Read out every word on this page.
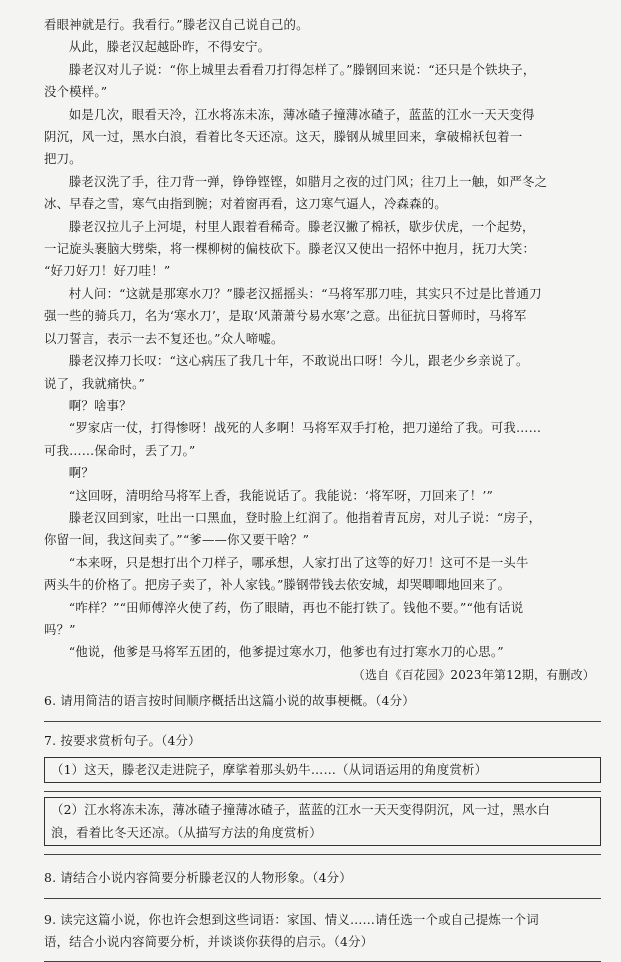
看眼神就是行。我看行。”滕老汉自己说自己的。

从此，滕老汉起越卧昨，不得安宁。

滕老汉对儿子说：“你上城里去看看刀打得怎样了。”滕钢回来说：“还只是个铁块子，

没个模样。”

如是几次，眼看天冷，江水将冻未冻，薄冰碴子撞薄冰碴子，蓝蓝的江水一天天变得

阴沉，风一过，黑水白浪，看着比冬天还凉。这天，滕钢从城里回来，拿破棉袄包着一

把刀。

滕老汉洗了手，往刀背一弹，铮铮铿铿，如腊月之夜的过门风；往刀上一触，如严冬之

冰、早春之雪，寒气由指到腕；对着窗再看，这刀寒气逼人，冷森森的。

滕老汉拉儿子上河堤，村里人跟着看稀奇。滕老汉撇了棉袄，歇步伏虎，一个起势，

一记旋头裹脑大劈柴，将一棵柳树的偏枝砍下。滕老汉又使出一招怀中抱月，抚刀大笑：

“好刀好刀！好刀哇！”

村人问：“这就是那寒水刀？”滕老汉摇摇头：“马将军那刀哇，其实只不过是比普通刀

强一些的骑兵刀，名为‘寒水刀’，是取‘风萧萧兮易水寒’之意。出征抗日誓师时，马将军

以刀誓言，表示一去不复还也。”众人啼嘘。

滕老汉捧刀长叹：“这心病压了我几十年，不敢说出口呀！今儿，跟老少乡亲说了。

说了，我就痛快。”

啊？啥事？

“罗家店一仗，打得惨呀！战死的人多啊！马将军双手打枪，把刀递给了我。可我……

可我……保命时，丢了刀。”

啊？

“这回呀，清明给马将军上香，我能说话了。我能说：‘将军呀，刀回来了！’”

滕老汉回到家，吐出一口黑血，登时脸上红润了。他指着青瓦房，对儿子说：“房子，

你留一间，我这间卖了。”“爹——你又要干啥？”

“本来呀，只是想打出个刀样子，哪承想，人家打出了这等的好刀！这可不是一头牛

两头牛的价格了。把房子卖了，补人家钱。”滕钢带钱去依安城，却哭唧唧地回来了。

“咋样？”“田师傅淬火使了药，伤了眼睛，再也不能打铁了。钱他不要。”“他有话说

吗？”

“他说，他爹是马将军五团的，他爹提过寒水刀，他爹也有过打寒水刀的心思。”

（选自《百花园》2023年第12期，有删改）

6. 请用简洁的语言按时间顺序概括出这篇小说的故事梗概。（4分）

7. 按要求赏析句子。（4分）

（1）这天，滕老汉走进院子，摩挲着那头奶牛……（从词语运用的角度赏析）

（2）江水将冻未冻，薄冰碴子撞薄冰碴子，蓝蓝的江水一天天变得阴沉，风一过，黑水白

浪，看着比冬天还凉。（从描写方法的角度赏析）

8. 请结合小说内容简要分析滕老汉的人物形象。（4分）

9. 读完这篇小说，你也许会想到这些词语：家国、情义……请任选一个或自己提炼一个词

语，结合小说内容简要分析，并谈谈你获得的启示。（4分）
